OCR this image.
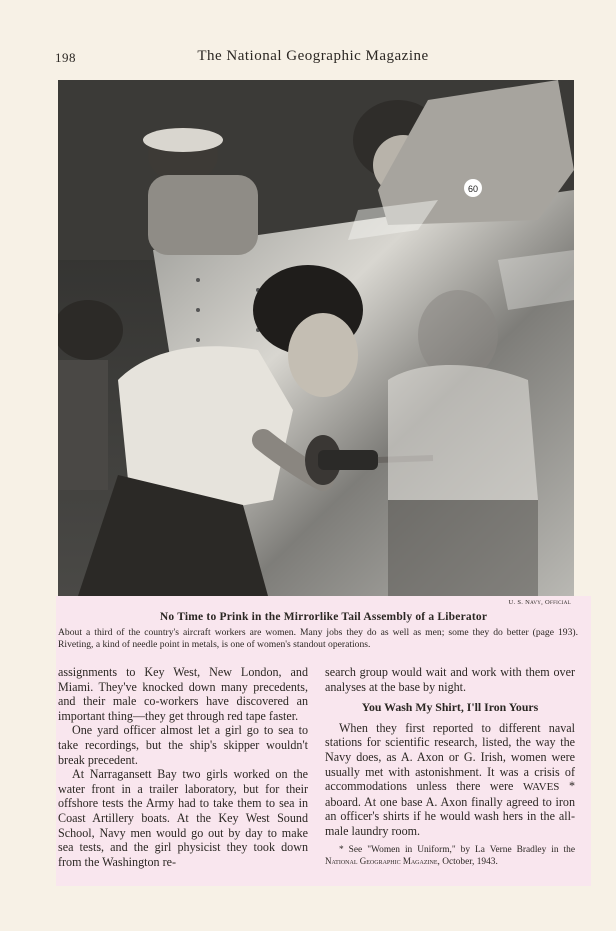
198	The National Geographic Magazine
60
U. S. Navy, Official
No Time to Prink in the Mirrorlike Tail Assembly of a Liberator
About a third of the country's aircraft workers are women. Many jobs they do as well as men; some they do better (page 193). Riveting, a kind of needle point in metals, is one of women's standout operations.

assignments to Key West, New London, and Miami. They've knocked down many precedents, and their male co-workers have discovered an important thing—they get through red tape faster.

One yard officer almost let a girl go to sea to take recordings, but the ship's skipper wouldn't break precedent.

At Narragansett Bay two girls worked on the water front in a trailer laboratory, but for their offshore tests the Army had to take them to sea in Coast Artillery boats. At the Key West Sound School, Navy men would go out by day to make sea tests, and the girl physicist they took down from the Washington re-

search group would wait and work with them over analyses at the base by night.

You Wash My Shirt, I'll Iron Yours

When they first reported to different naval stations for scientific research, listed, the way the Navy does, as A. Axon or G. Irish, women were usually met with astonishment. It was a crisis of accommodations unless there were WAVES * aboard. At one base A. Axon finally agreed to iron an officer's shirts if he would wash hers in the all-male laundry room.

* See "Women in Uniform," by La Verne Bradley in the National Geographic Magazine, October, 1943.
